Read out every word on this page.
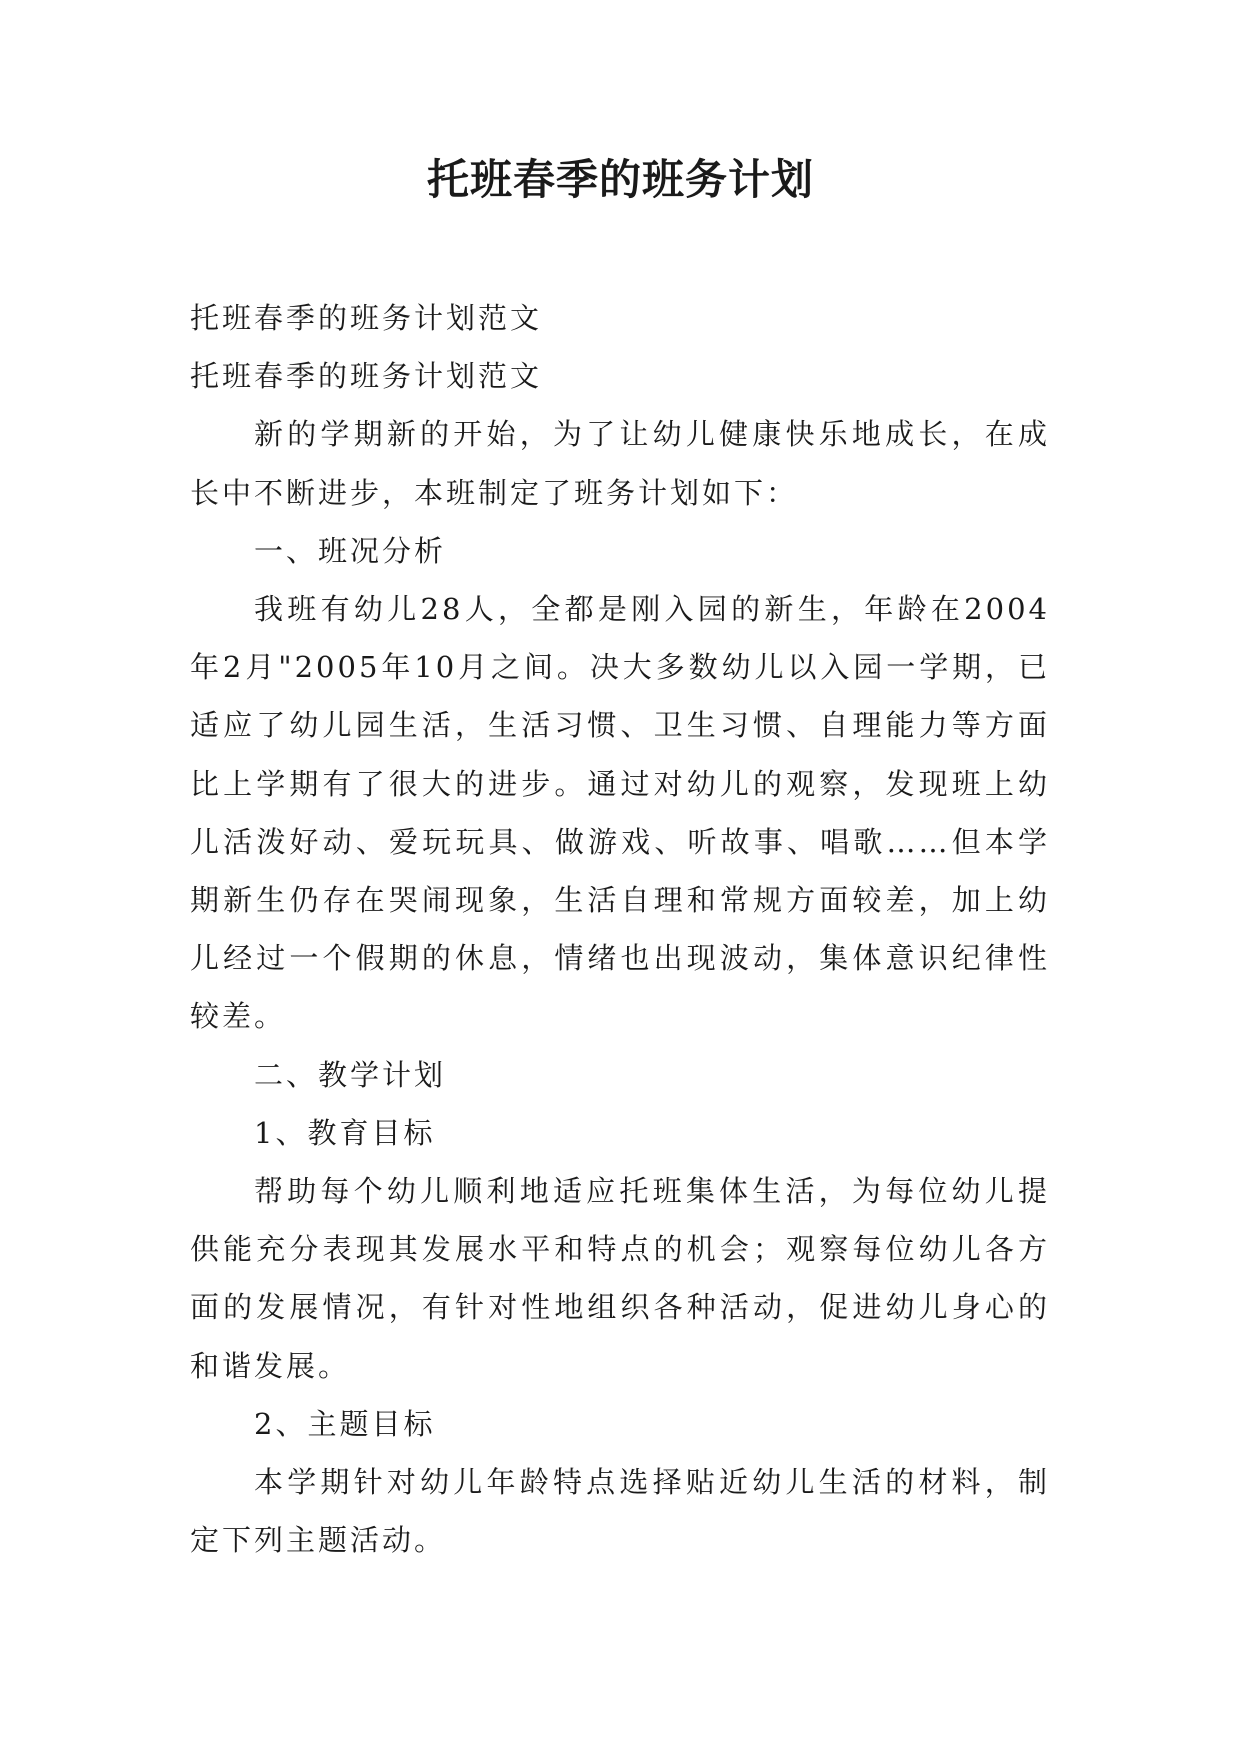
托班春季的班务计划

托班春季的班务计划范文

托班春季的班务计划范文

新的学期新的开始，为了让幼儿健康快乐地成长，在成长中不断进步，本班制定了班务计划如下：

一、班况分析

我班有幼儿28人，全都是刚入园的新生，年龄在2004年2月"2005年10月之间。决大多数幼儿以入园一学期，已适应了幼儿园生活，生活习惯、卫生习惯、自理能力等方面比上学期有了很大的进步。通过对幼儿的观察，发现班上幼儿活泼好动、爱玩玩具、做游戏、听故事、唱歌……但本学期新生仍存在哭闹现象，生活自理和常规方面较差，加上幼儿经过一个假期的休息，情绪也出现波动，集体意识纪律性较差。

二、教学计划

1、教育目标

帮助每个幼儿顺利地适应托班集体生活，为每位幼儿提供能充分表现其发展水平和特点的机会；观察每位幼儿各方面的发展情况，有针对性地组织各种活动，促进幼儿身心的和谐发展。

2、主题目标

本学期针对幼儿年龄特点选择贴近幼儿生活的材料，制定下列主题活动。
